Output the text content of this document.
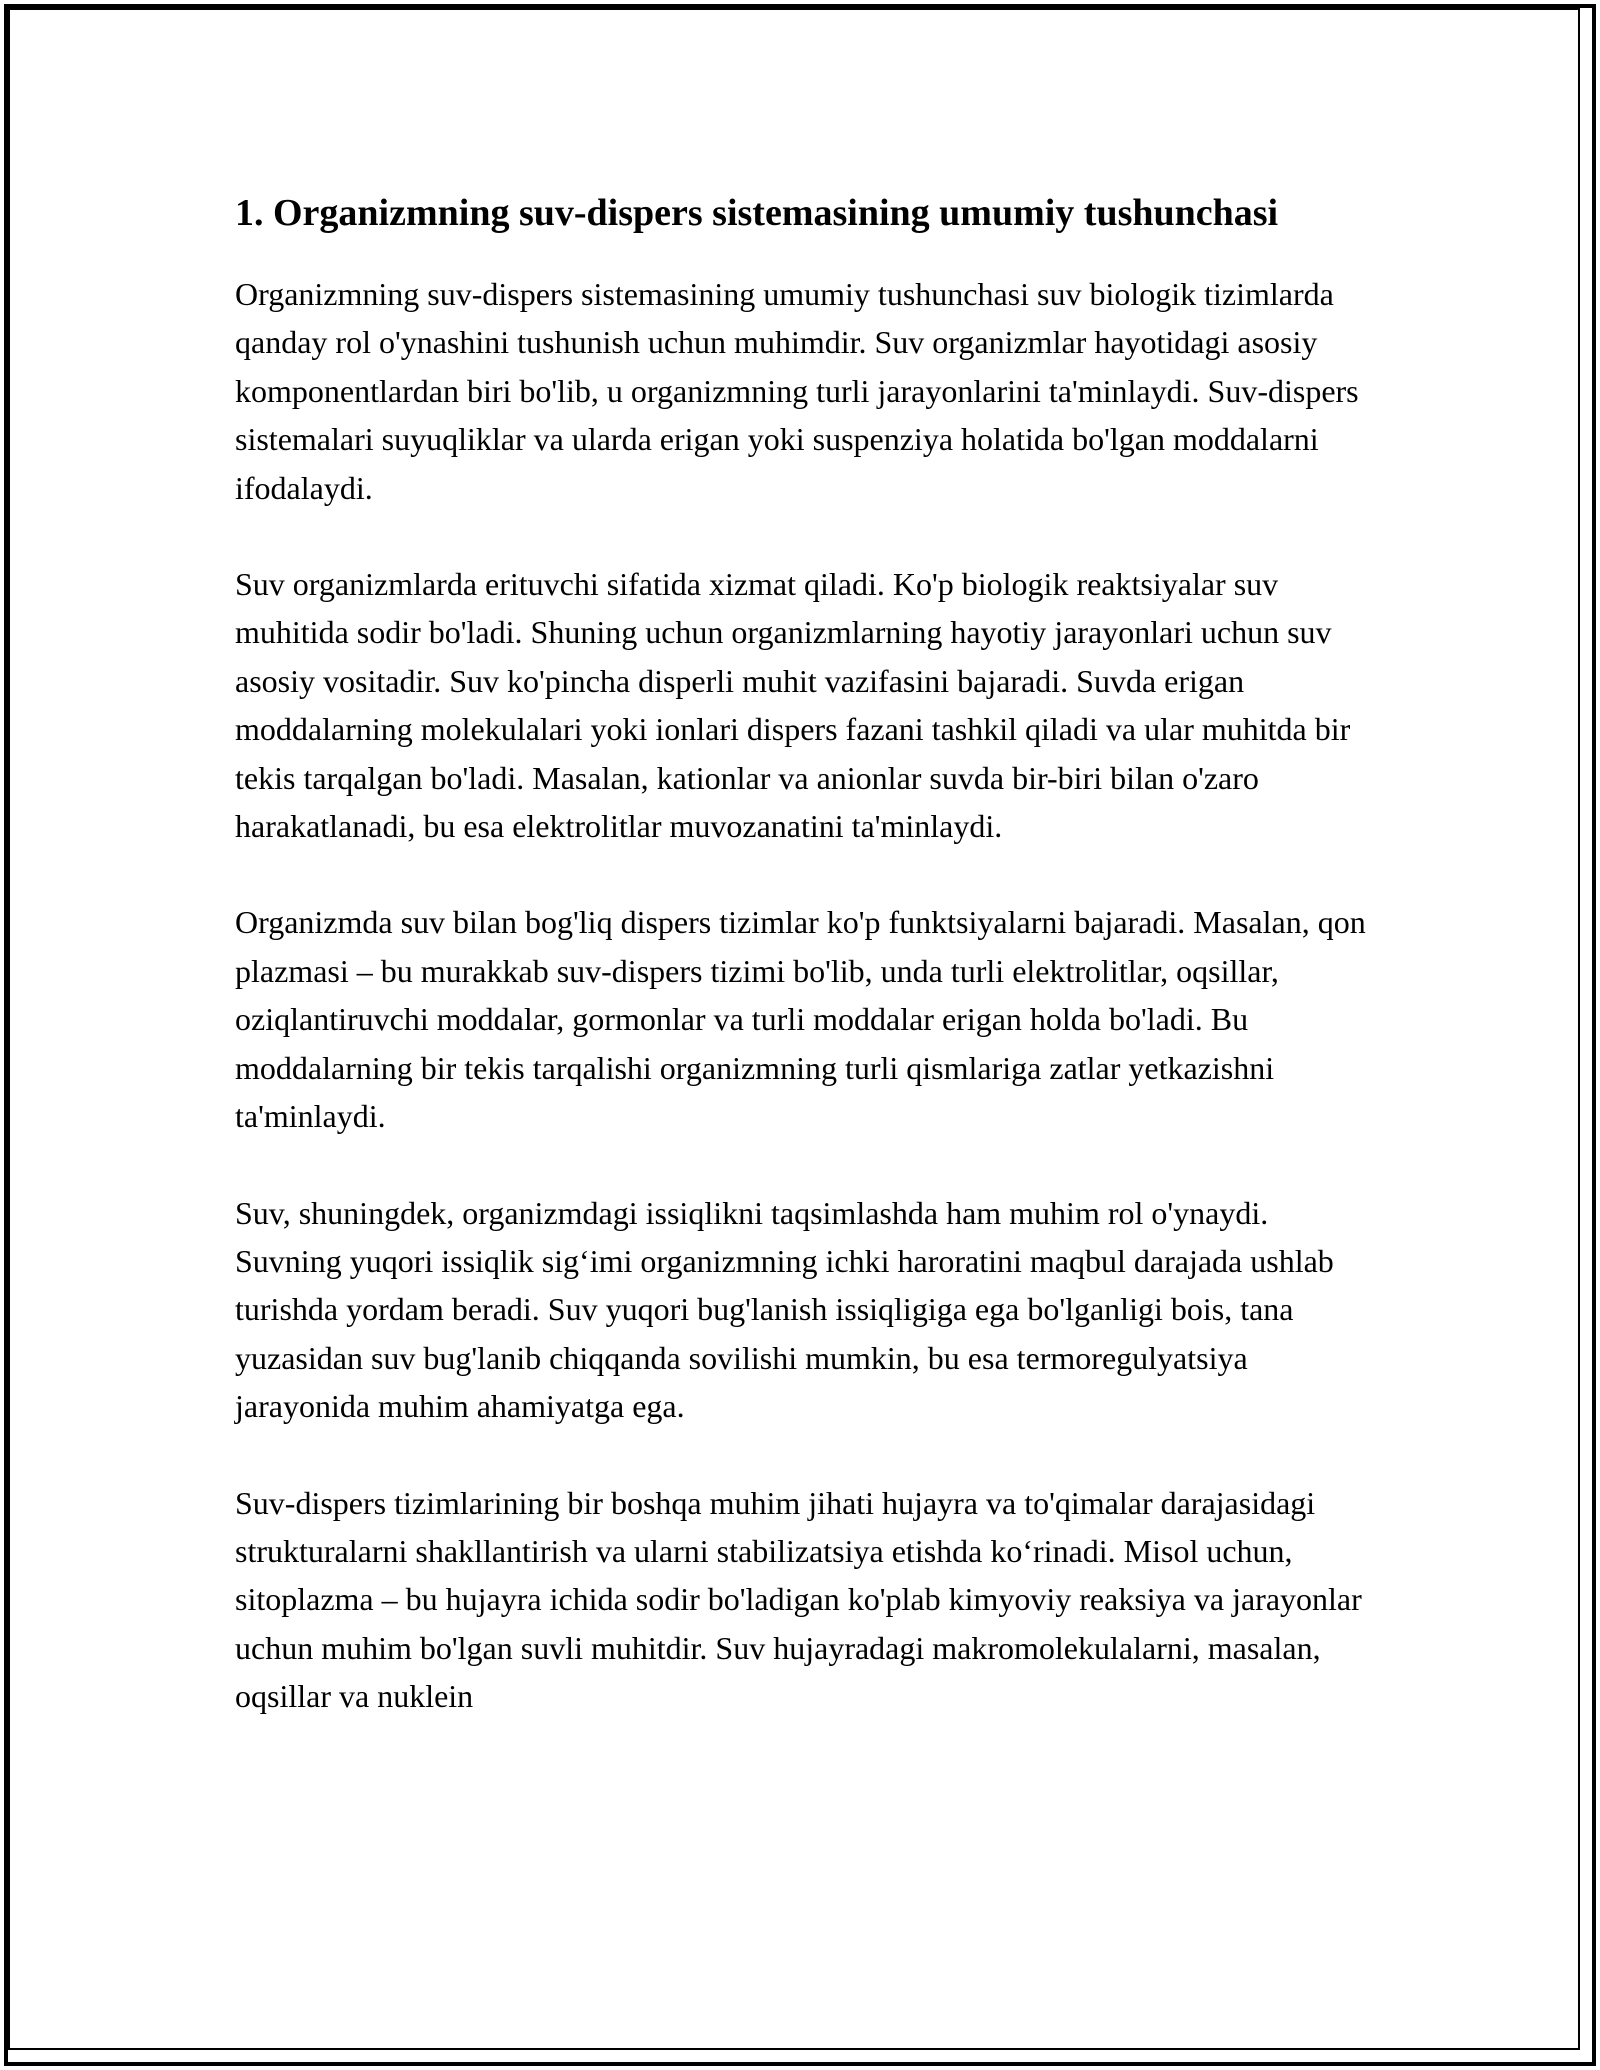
1. Organizmning suv-dispers sistemasining umumiy tushunchasi

Organizmning suv-dispers sistemasining umumiy tushunchasi suv biologik tizimlarda qanday rol o'ynashini tushunish uchun muhimdir. Suv organizmlar hayotidagi asosiy komponentlardan biri bo'lib, u organizmning turli jarayonlarini ta'minlaydi. Suv-dispers sistemalari suyuqliklar va ularda erigan yoki suspenziya holatida bo'lgan moddalarni ifodalaydi.

Suv organizmlarda erituvchi sifatida xizmat qiladi. Ko'p biologik reaktsiyalar suv muhitida sodir bo'ladi. Shuning uchun organizmlarning hayotiy jarayonlari uchun suv asosiy vositadir. Suv ko'pincha disperli muhit vazifasini bajaradi. Suvda erigan moddalarning molekulalari yoki ionlari dispers fazani tashkil qiladi va ular muhitda bir tekis tarqalgan bo'ladi. Masalan, kationlar va anionlar suvda bir-biri bilan o'zaro harakatlanadi, bu esa elektrolitlar muvozanatini ta'minlaydi.

Organizmda suv bilan bog'liq dispers tizimlar ko'p funktsiyalarni bajaradi. Masalan, qon plazmasi – bu murakkab suv-dispers tizimi bo'lib, unda turli elektrolitlar, oqsillar, oziqlantiruvchi moddalar, gormonlar va turli moddalar erigan holda bo'ladi. Bu moddalarning bir tekis tarqalishi organizmning turli qismlariga zatlar yetkazishni ta'minlaydi.

Suv, shuningdek, organizmdagi issiqlikni taqsimlashda ham muhim rol o'ynaydi. Suvning yuqori issiqlik sig‘imi organizmning ichki haroratini maqbul darajada ushlab turishda yordam beradi. Suv yuqori bug'lanish issiqligiga ega bo'lganligi bois, tana yuzasidan suv bug'lanib chiqqanda sovilishi mumkin, bu esa termoregulyatsiya jarayonida muhim ahamiyatga ega.

Suv-dispers tizimlarining bir boshqa muhim jihati hujayra va to'qimalar darajasidagi strukturalarni shakllantirish va ularni stabilizatsiya etishda ko‘rinadi. Misol uchun, sitoplazma – bu hujayra ichida sodir bo'ladigan ko'plab kimyoviy reaksiya va jarayonlar uchun muhim bo'lgan suvli muhitdir. Suv hujayradagi makromolekulalarni, masalan, oqsillar va nuklein
